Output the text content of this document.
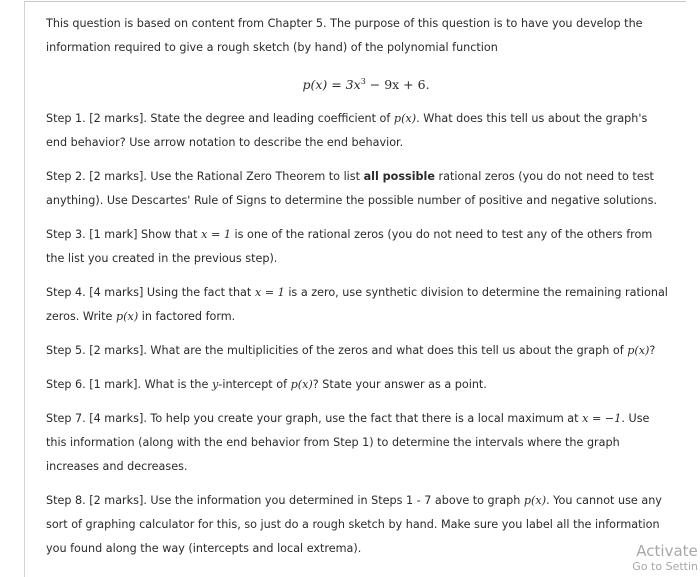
This question is based on content from Chapter 5. The purpose of this question is to have you develop the
information required to give a rough sketch (by hand) of the polynomial function
$p(x) = 3x^3 - 9x + 6$.
Step 1. [2 marks]. State the degree and leading coefficient of p(x). What does this tell us about the graph's
end behavior? Use arrow notation to describe the end behavior.
Step 2. [2 marks]. Use the Rational Zero Theorem to list all possible rational zeros (you do not need to test
anything). Use Descartes' Rule of Signs to determine the possible number of positive and negative solutions.
Step 3. [1 mark] Show that x = 1 is one of the rational zeros (you do not need to test any of the others from
the list you created in the previous step).
Step 4. [4 marks] Using the fact that x = 1 is a zero, use synthetic division to determine the remaining rational
zeros. Write p(x) in factored form.
Step 5. [2 marks]. What are the multiplicities of the zeros and what does this tell us about the graph of p(x)?
Step 6. [1 mark]. What is the y-intercept of p(x)? State your answer as a point.
Step 7. [4 marks]. To help you create your graph, use the fact that there is a local maximum at x = −1. Use
this information (along with the end behavior from Step 1) to determine the intervals where the graph
increases and decreases.
Step 8. [2 marks]. Use the information you determined in Steps 1 - 7 above to graph p(x). You cannot use any
sort of graphing calculator for this, so just do a rough sketch by hand. Make sure you label all the information
you found along the way (intercepts and local extrema).	Activate
Go to Settin
